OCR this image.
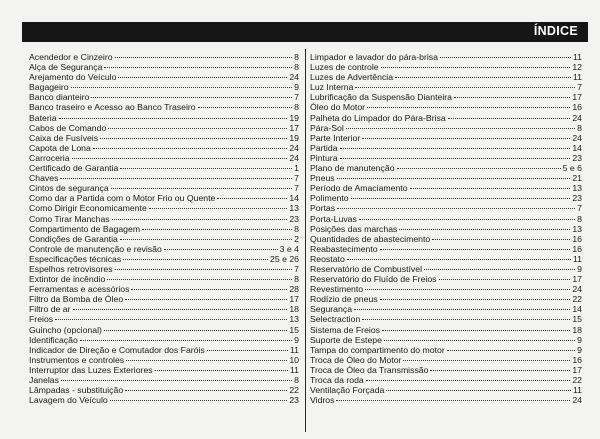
ÍNDICE
Acendedor e Cinzeiro	8
Alça de Segurança	8
Arejamento do Veículo	24
Bagageiro	9
Banco dianteiro	7
Banco traseiro e Acesso ao Banco Traseiro	8
Bateria	19
Cabos de Comando	17
Caixa de Fusíveis	19
Capota de Lona	24
Carroceria	24
Certificado de Garantia	1
Chaves	7
Cintos de segurança	7
Como dar a Partida com o Motor Frio ou Quente	14
Como Dirigir Economicamente	13
Como Tirar Manchas	23
Compartimento de Bagagem	8
Condições de Garantia	2
Controle de manutenção e revisão	3 e 4
Especificações técnicas	25 e 26
Espelhos retrovisores	7
Extintor de incêndio	8
Ferramentas e acessórios	28
Filtro da Bomba de Óleo	17
Filtro de ar	18
Freios	13
Guincho (opcional)	15
Identificação	9
Indicador de Direção e Comutador dos Faróis	11
Instrumentos e controles	10
Interruptor das Luzes Exteriores	11
Janelas	8
Lâmpadas - substituição	22
Lavagem do Veículo	23
Limpador e lavador do pára-brisa	11
Luzes de controle	12
Luzes de Advertência	11
Luz Interna	7
Lubrificação da Suspensão Dianteira	17
Óleo do Motor	16
Palheta do Limpador do Pára-Brisa	24
Pára-Sol	8
Parte Interior	24
Partida	14
Pintura	23
Plano de manutenção	5 e 6
Pneus	21
Período de Amaciamento	13
Polimento	23
Portas	7
Porta-Luvas	8
Posições das marchas	13
Quantidades de abastecimento	16
Reabastecimento	16
Reostato	11
Reservatório de Combustível	9
Reservatório do Fluído de Freios	17
Revestimento	24
Rodízio de pneus	22
Segurança	14
Selectraction	15
Sistema de Freios	18
Suporte de Estepe	9
Tampa do compartimento do motor	9
Troca de Óleo do Motor	16
Troca de Óleo da Transmissão	17
Troca da roda	22
Ventilação Forçada	11
Vidros	24
